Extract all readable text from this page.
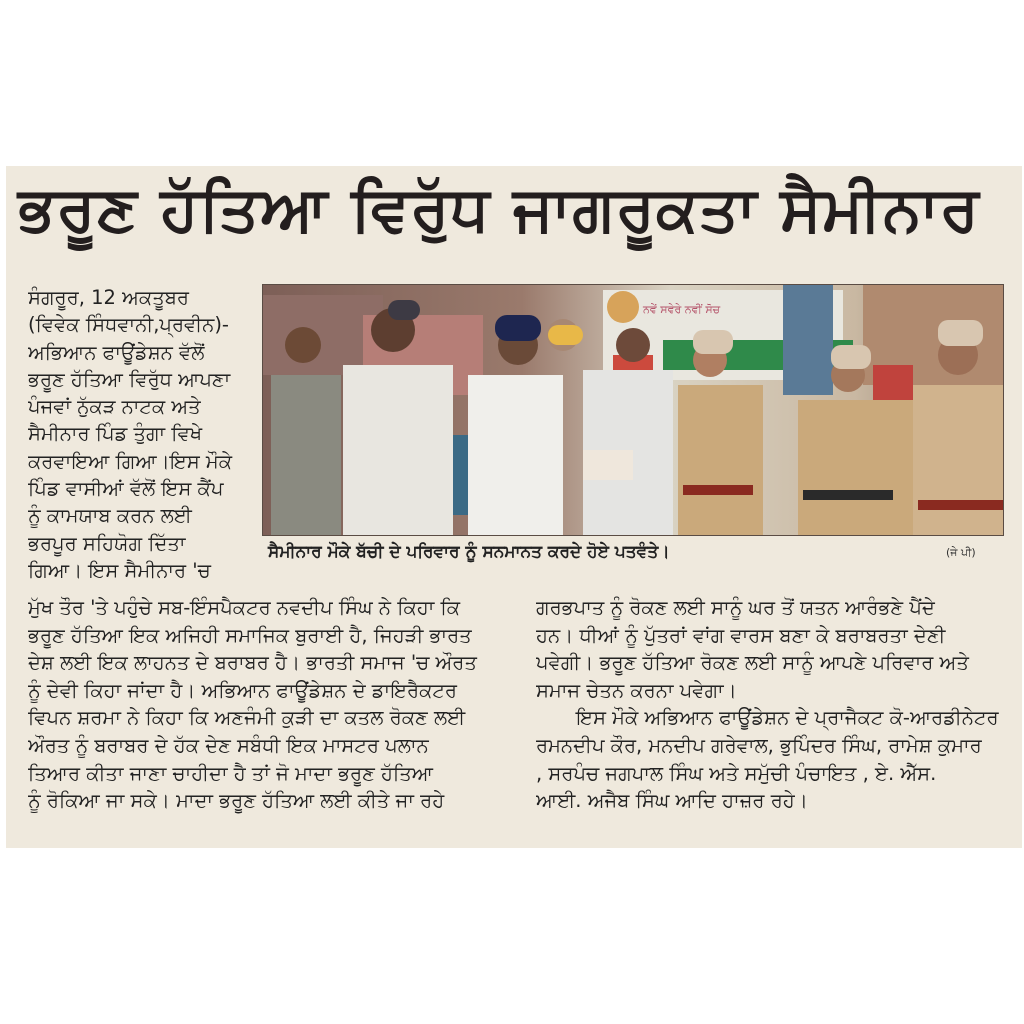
ਭਰੂਣ ਹੱਤਿਆ ਵਿਰੁੱਧ ਜਾਗਰੂਕਤਾ ਸੈਮੀਨਾਰ
ਸੰਗਰੂਰ, 12 ਅਕਤੂਬਰ
(ਵਿਵੇਕ ਸਿੰਧਵਾਨੀ,ਪ੍ਰਵੀਨ)-
ਅਭਿਆਨ ਫਾਊਂਡੇਸ਼ਨ ਵੱਲੋਂ
ਭਰੂਣ ਹੱਤਿਆ ਵਿਰੁੱਧ ਆਪਣਾ
ਪੰਜਵਾਂ ਨੁੱਕੜ ਨਾਟਕ ਅਤੇ
ਸੈਮੀਨਾਰ ਪਿੰਡ ਤੁੰਗਾ ਵਿਖੇ
ਕਰਵਾਇਆ ਗਿਆ।ਇਸ ਮੌਕੇ
ਪਿੰਡ ਵਾਸੀਆਂ ਵੱਲੋਂ ਇਸ ਕੈਂਪ
ਨੂੰ ਕਾਮਯਾਬ ਕਰਨ ਲਈ
ਭਰਪੂਰ ਸਹਿਯੋਗ ਦਿੱਤਾ
ਗਿਆ। ਇਸ ਸੈਮੀਨਾਰ 'ਚ
ਨਵੇਂ ਸਵੇਰੇ ਨਵੀਂ ਸੋਚ
ਸੈਮੀਨਾਰ ਮੌਕੇ ਬੱਚੀ ਦੇ ਪਰਿਵਾਰ ਨੂੰ ਸਨਮਾਨਤ ਕਰਦੇ ਹੋਏ ਪਤਵੰਤੇ।	(ਜੇ ਪੀ)
ਮੁੱਖ ਤੌਰ 'ਤੇ ਪਹੁੰਚੇ ਸਬ-ਇੰਸਪੈਕਟਰ ਨਵਦੀਪ ਸਿੰਘ ਨੇ ਕਿਹਾ ਕਿ
ਭਰੂਣ ਹੱਤਿਆ ਇਕ ਅਜਿਹੀ ਸਮਾਜਿਕ ਬੁਰਾਈ ਹੈ, ਜਿਹੜੀ ਭਾਰਤ
ਦੇਸ਼ ਲਈ ਇਕ ਲਾਹਨਤ ਦੇ ਬਰਾਬਰ ਹੈ। ਭਾਰਤੀ ਸਮਾਜ 'ਚ ਔਰਤ
ਨੂੰ ਦੇਵੀ ਕਿਹਾ ਜਾਂਦਾ ਹੈ। ਅਭਿਆਨ ਫਾਊਂਡੇਸ਼ਨ ਦੇ ਡਾਇਰੈਕਟਰ
ਵਿਪਨ ਸ਼ਰਮਾ ਨੇ ਕਿਹਾ ਕਿ ਅਣਜੰਮੀ ਕੁੜੀ ਦਾ ਕਤਲ ਰੋਕਣ ਲਈ
ਔਰਤ ਨੂੰ ਬਰਾਬਰ ਦੇ ਹੱਕ ਦੇਣ ਸਬੰਧੀ ਇਕ ਮਾਸਟਰ ਪਲਾਨ
ਤਿਆਰ ਕੀਤਾ ਜਾਣਾ ਚਾਹੀਦਾ ਹੈ ਤਾਂ ਜੋ ਮਾਦਾ ਭਰੂਣ ਹੱਤਿਆ
ਨੂੰ ਰੋਕਿਆ ਜਾ ਸਕੇ। ਮਾਦਾ ਭਰੂਣ ਹੱਤਿਆ ਲਈ ਕੀਤੇ ਜਾ ਰਹੇ
ਗਰਭਪਾਤ ਨੂੰ ਰੋਕਣ ਲਈ ਸਾਨੂੰ ਘਰ ਤੋਂ ਯਤਨ ਆਰੰਭਣੇ ਪੈਂਦੇ
ਹਨ। ਧੀਆਂ ਨੂੰ ਪੁੱਤਰਾਂ ਵਾਂਗ ਵਾਰਸ ਬਣਾ ਕੇ ਬਰਾਬਰਤਾ ਦੇਣੀ
ਪਵੇਗੀ। ਭਰੂਣ ਹੱਤਿਆ ਰੋਕਣ ਲਈ ਸਾਨੂੰ ਆਪਣੇ ਪਰਿਵਾਰ ਅਤੇ
ਸਮਾਜ ਚੇਤਨ ਕਰਨਾ ਪਵੇਗਾ।
ਇਸ ਮੌਕੇ ਅਭਿਆਨ ਫਾਊਂਡੇਸ਼ਨ ਦੇ ਪ੍ਰਾਜੈਕਟ ਕੋ-ਆਰਡੀਨੇਟਰ
ਰਮਨਦੀਪ ਕੌਰ, ਮਨਦੀਪ ਗਰੇਵਾਲ, ਭੁਪਿੰਦਰ ਸਿੰਘ, ਰਾਮੇਸ਼ ਕੁਮਾਰ
, ਸਰਪੰਚ ਜਗਪਾਲ ਸਿੰਘ ਅਤੇ ਸਮੁੱਚੀ ਪੰਚਾਇਤ , ਏ. ਐੱਸ.
ਆਈ. ਅਜੈਬ ਸਿੰਘ ਆਦਿ ਹਾਜ਼ਰ ਰਹੇ।
